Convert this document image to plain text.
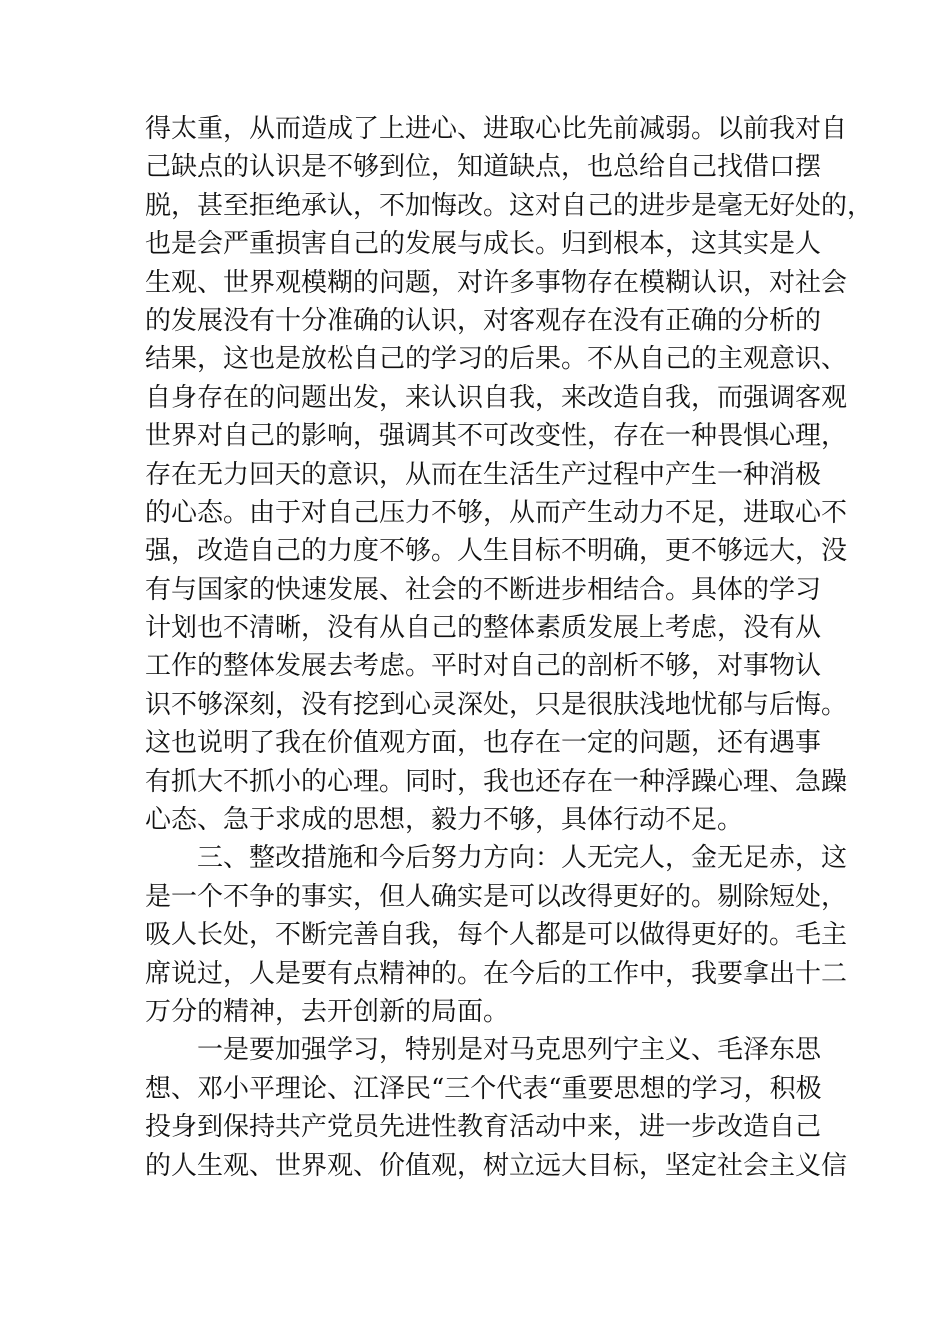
得太重，从而造成了上进心、进取心比先前减弱。以前我对自
己缺点的认识是不够到位，知道缺点，也总给自己找借口摆
脱，甚至拒绝承认，不加悔改。这对自己的进步是毫无好处的，
也是会严重损害自己的发展与成长。归到根本，这其实是人
生观、世界观模糊的问题，对许多事物存在模糊认识，对社会
的发展没有十分准确的认识，对客观存在没有正确的分析的
结果，这也是放松自己的学习的后果。不从自己的主观意识、
自身存在的问题出发，来认识自我，来改造自我，而强调客观
世界对自己的影响，强调其不可改变性，存在一种畏惧心理，
存在无力回天的意识，从而在生活生产过程中产生一种消极
的心态。由于对自己压力不够，从而产生动力不足，进取心不
强，改造自己的力度不够。人生目标不明确，更不够远大，没
有与国家的快速发展、社会的不断进步相结合。具体的学习
计划也不清晰，没有从自己的整体素质发展上考虑，没有从
工作的整体发展去考虑。平时对自己的剖析不够，对事物认
识不够深刻，没有挖到心灵深处，只是很肤浅地忧郁与后悔。
这也说明了我在价值观方面，也存在一定的问题，还有遇事
有抓大不抓小的心理。同时，我也还存在一种浮躁心理、急躁
心态、急于求成的思想，毅力不够，具体行动不足。
三、整改措施和今后努力方向：人无完人，金无足赤，这
是一个不争的事实，但人确实是可以改得更好的。剔除短处，
吸人长处，不断完善自我，每个人都是可以做得更好的。毛主
席说过，人是要有点精神的。在今后的工作中，我要拿出十二
万分的精神，去开创新的局面。
一是要加强学习，特别是对马克思列宁主义、毛泽东思
想、邓小平理论、江泽民“三个代表“重要思想的学习，积极
投身到保持共产党员先进性教育活动中来，进一步改造自己
的人生观、世界观、价值观，树立远大目标，坚定社会主义信
